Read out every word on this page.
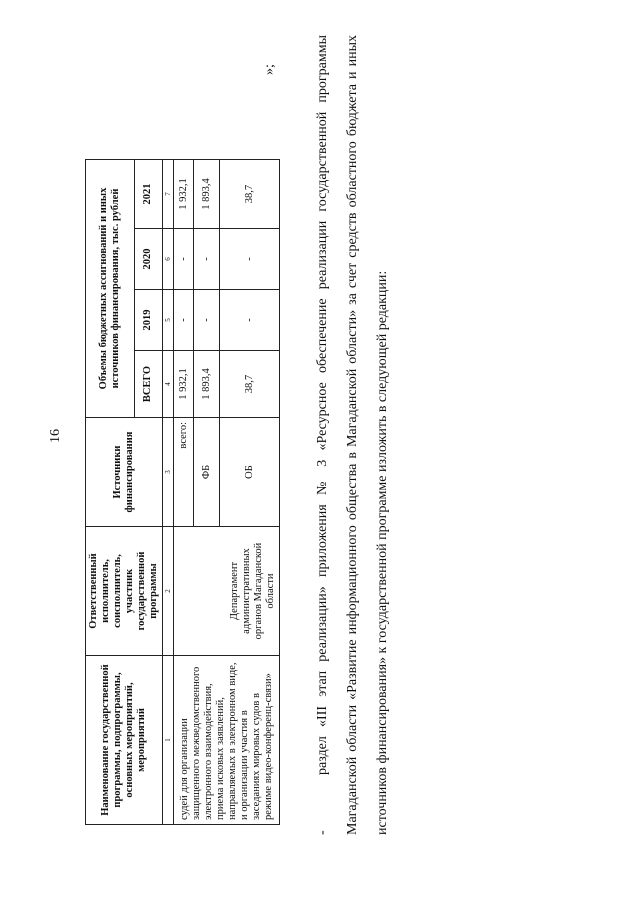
16
Наименование государственной программы, подпрограммы, основных мероприятий, мероприятий	Ответственный исполнитель, соисполнитель, участник государственной программы	Источники финансирования	Объемы бюджетных ассигнований и иных источников финансирования, тыс. рублей			
			ВСЕГО	2019	2020	2021
1	2	3	4	5	6	7
судей для организации защищенного межведомственного электронного взаимодействия, приема исковых заявлений, направляемых в электронном виде, и организации участия в заседаниях мировых судов в режиме видео-конференц-связи»	Департамент административных органов Магаданской области	всего:	1 932,1	-	-	1 932,1
		ФБ	1 893,4	-	-	1 893,4
		ОБ	38,7	-	-	38,7
»;
-раздел «III этап реализации» приложения № 3 «Ресурсное обеспечение реализации государственной программы Магаданской области «Развитие информационного общества в Магаданской области» за счет средств областного бюджета и иных источников финансирования» к государственной программе изложить в следующей редакции:
